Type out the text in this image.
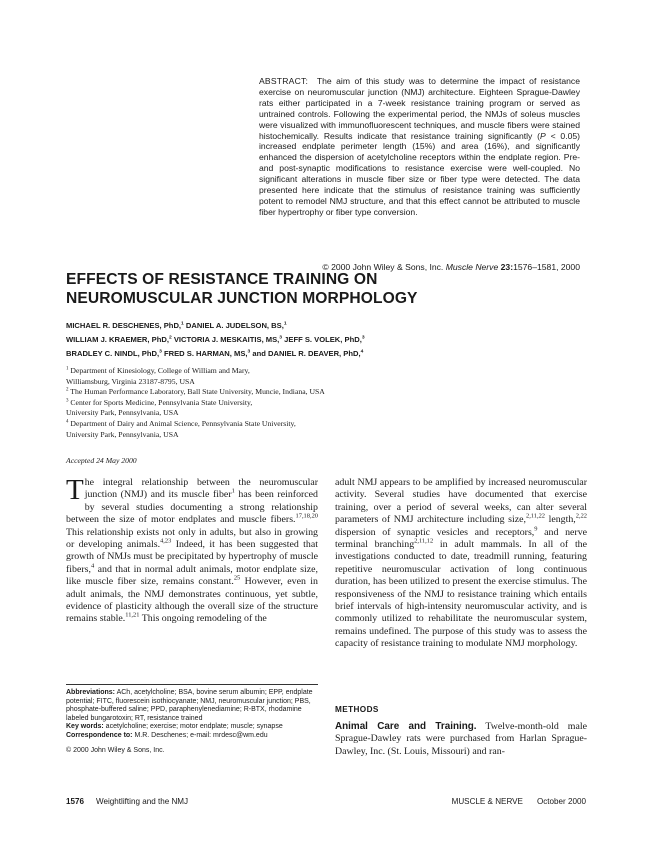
ABSTRACT: The aim of this study was to determine the impact of resistance exercise on neuromuscular junction (NMJ) architecture. Eighteen Sprague-Dawley rats either participated in a 7-week resistance training program or served as untrained controls. Following the experimental period, the NMJs of soleus muscles were visualized with immunofluorescent techniques, and muscle fibers were stained histochemically. Results indicate that resistance training significantly (P < 0.05) increased endplate perimeter length (15%) and area (16%), and significantly enhanced the dispersion of acetylcholine receptors within the endplate region. Pre- and post-synaptic modifications to resistance exercise were well-coupled. No significant alterations in muscle fiber size or fiber type were detected. The data presented here indicate that the stimulus of resistance training was sufficiently potent to remodel NMJ structure, and that this effect cannot be attributed to muscle fiber hypertrophy or fiber type conversion.
© 2000 John Wiley & Sons, Inc. Muscle Nerve 23:1576–1581, 2000
EFFECTS OF RESISTANCE TRAINING ON
NEUROMUSCULAR JUNCTION MORPHOLOGY
MICHAEL R. DESCHENES, PhD,$^1$ DANIEL A. JUDELSON, BS,$^1$
WILLIAM J. KRAEMER, PhD,$^2$ VICTORIA J. MESKAITIS, MS,$^3$ JEFF S. VOLEK, PhD,$^3$
BRADLEY C. NINDL, PhD,$^3$ FRED S. HARMAN, MS,$^3$ and DANIEL R. DEAVER, PhD,$^4$
$^1$ Department of Kinesiology, College of William and Mary,
Williamsburg, Virginia 23187-8795, USA
$^2$ The Human Performance Laboratory, Ball State University, Muncie, Indiana, USA
$^3$ Center for Sports Medicine, Pennsylvania State University,
University Park, Pennsylvania, USA
$^4$ Department of Dairy and Animal Science, Pennsylvania State University,
University Park, Pennsylvania, USA
Accepted 24 May 2000
The integral relationship between the neuromuscular junction (NMJ) and its muscle fiber$^1$ has been reinforced by several studies documenting a strong relationship between the size of motor endplates and muscle fibers.$^{17,18,20}$ This relationship exists not only in adults, but also in growing or developing animals.$^{4,23}$ Indeed, it has been suggested that growth of NMJs must be precipitated by hypertrophy of muscle fibers,$^4$ and that in normal adult animals, motor endplate size, like muscle fiber size, remains constant.$^{25}$ However, even in adult animals, the NMJ demonstrates continuous, yet subtle, evidence of plasticity although the overall size of the structure remains stable.$^{11,21}$ This ongoing remodeling of the

Abbreviations: ACh, acetylcholine; BSA, bovine serum albumin; EPP, endplate potential; FITC, fluorescein isothiocyanate; NMJ, neuromuscular junction; PBS, phosphate-buffered saline; PPD, paraphenylenediamine; R-BTX, rhodamine labeled bungarotoxin; RT, resistance trained

Key words: acetylcholine; exercise; motor endplate; muscle; synapse

Correspondence to: M.R. Deschenes; e-mail: mrdesc@wm.edu

© 2000 John Wiley & Sons, Inc.
adult NMJ appears to be amplified by increased neuromuscular activity. Several studies have documented that exercise training, over a period of several weeks, can alter several parameters of NMJ architecture including size,$^{2,11,22}$ length,$^{2,22}$ dispersion of synaptic vesicles and receptors,$^9$ and nerve terminal branching$^{2,11,12}$ in adult mammals. In all of the investigations conducted to date, treadmill running, featuring repetitive neuromuscular activation of long continuous duration, has been utilized to present the exercise stimulus. The responsiveness of the NMJ to resistance training which entails brief intervals of high-intensity neuromuscular activity, and is commonly utilized to rehabilitate the neuromuscular system, remains undefined. The purpose of this study was to assess the capacity of resistance training to modulate NMJ morphology.
METHODS
Animal Care and Training. Twelve-month-old male Sprague-Dawley rats were purchased from Harlan Sprague-Dawley, Inc. (St. Louis, Missouri) and ran-
1576 Weightlifting and the NMJ	MUSCLE & NERVE October 2000
